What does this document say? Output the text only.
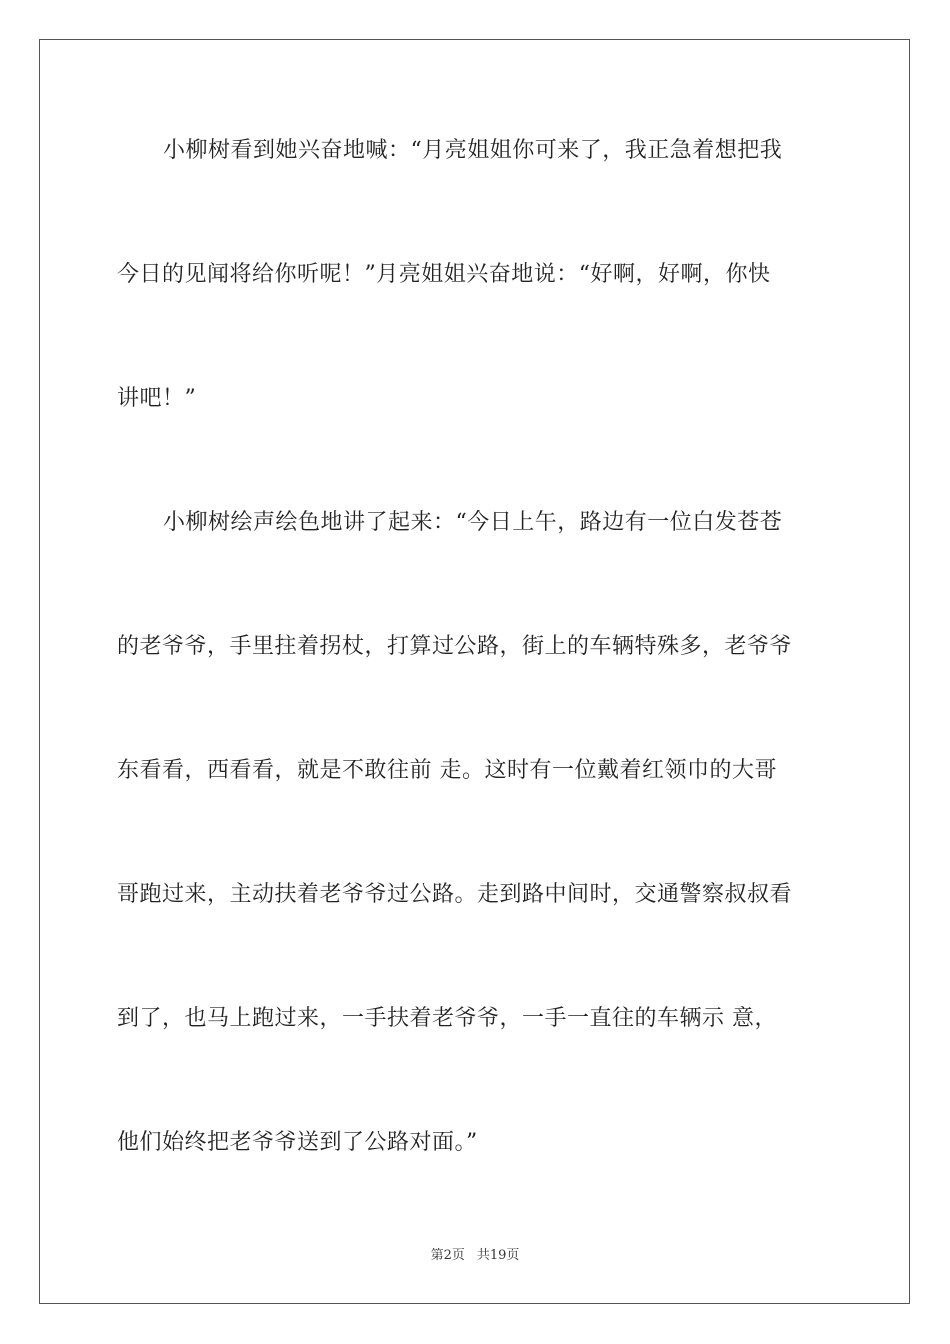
小柳树看到她兴奋地喊：“月亮姐姐你可来了，我正急着想把我
今日的见闻将给你听呢！”月亮姐姐兴奋地说：“好啊，好啊，你快
讲吧！”
小柳树绘声绘色地讲了起来：“今日上午，路边有一位白发苍苍
的老爷爷，手里拄着拐杖，打算过公路，街上的车辆特殊多，老爷爷
东看看，西看看，就是不敢往前 走。这时有一位戴着红领巾的大哥
哥跑过来，主动扶着老爷爷过公路。走到路中间时，交通警察叔叔看
到了，也马上跑过来，一手扶着老爷爷，一手一直往的车辆示 意，
他们始终把老爷爷送到了公路对面。”
第2页 共19页
